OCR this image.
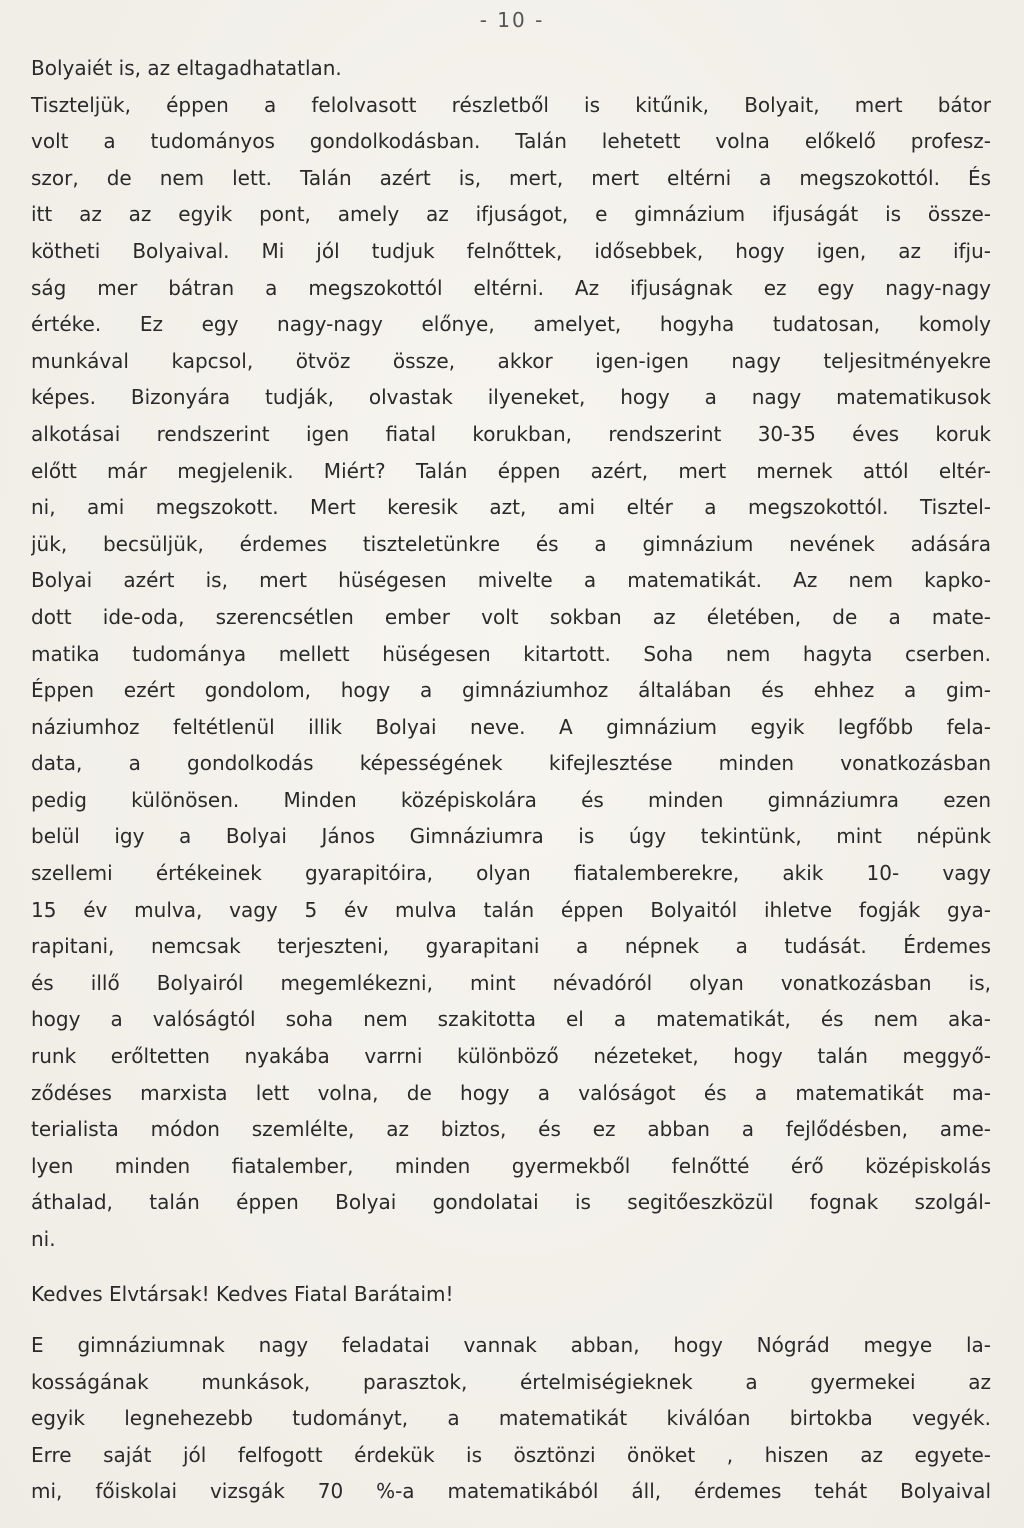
- 10 -
Bolyaiét is, az eltagadhatatlan.
Tiszteljük, éppen a felolvasott részletből is kitűnik, Bolyait, mert bátor
volt a tudományos gondolkodásban. Talán lehetett volna előkelő profesz-
szor, de nem lett. Talán azért is, mert, mert eltérni a megszokottól. És
itt az az egyik pont, amely az ifjuságot, e gimnázium ifjuságát is össze-
kötheti Bolyaival. Mi jól tudjuk felnőttek, idősebbek, hogy igen, az ifju-
ság mer bátran a megszokottól eltérni. Az ifjuságnak ez egy nagy-nagy
értéke. Ez egy nagy-nagy előnye, amelyet, hogyha tudatosan, komoly
munkával kapcsol, ötvöz össze, akkor igen-igen nagy teljesitményekre
képes. Bizonyára tudják, olvastak ilyeneket, hogy a nagy matematikusok
alkotásai rendszerint igen fiatal korukban, rendszerint 30-35 éves koruk
előtt már megjelenik. Miért? Talán éppen azért, mert mernek attól eltér-
ni, ami megszokott. Mert keresik azt, ami eltér a megszokottól. Tisztel-
jük, becsüljük, érdemes tiszteletünkre és a gimnázium nevének adására
Bolyai azért is, mert hüségesen mivelte a matematikát. Az nem kapko-
dott ide-oda, szerencsétlen ember volt sokban az életében, de a mate-
matika tudománya mellett hüségesen kitartott. Soha nem hagyta cserben.
Éppen ezért gondolom, hogy a gimnáziumhoz általában és ehhez a gim-
náziumhoz feltétlenül illik Bolyai neve. A gimnázium egyik legfőbb fela-
data, a gondolkodás képességének kifejlesztése minden vonatkozásban
pedig különösen. Minden középiskolára és minden gimnáziumra ezen
belül igy a Bolyai János Gimnáziumra is úgy tekintünk, mint népünk
szellemi értékeinek gyarapitóira, olyan fiatalemberekre, akik 10- vagy
15 év mulva, vagy 5 év mulva talán éppen Bolyaitól ihletve fogják gya-
rapitani, nemcsak terjeszteni, gyarapitani a népnek a tudását. Érdemes
és illő Bolyairól megemlékezni, mint névadóról olyan vonatkozásban is,
hogy a valóságtól soha nem szakitotta el a matematikát, és nem aka-
runk erőltetten nyakába varrni különböző nézeteket, hogy talán meggyő-
ződéses marxista lett volna, de hogy a valóságot és a matematikát ma-
terialista módon szemlélte, az biztos, és ez abban a fejlődésben, ame-
lyen minden fiatalember, minden gyermekből felnőtté érő középiskolás
áthalad, talán éppen Bolyai gondolatai is segitőeszközül fognak szolgál-
ni.
Kedves Elvtársak! Kedves Fiatal Barátaim!
E gimnáziumnak nagy feladatai vannak abban, hogy Nógrád megye la-
kosságának munkások, parasztok, értelmiségieknek a gyermekei az
egyik legnehezebb tudományt, a matematikát kiválóan birtokba vegyék.
Erre saját jól felfogott érdekük is ösztönzi önöket , hiszen az egyete-
mi, főiskolai vizsgák 70 %-a matematikából áll, érdemes tehát Bolyaival
